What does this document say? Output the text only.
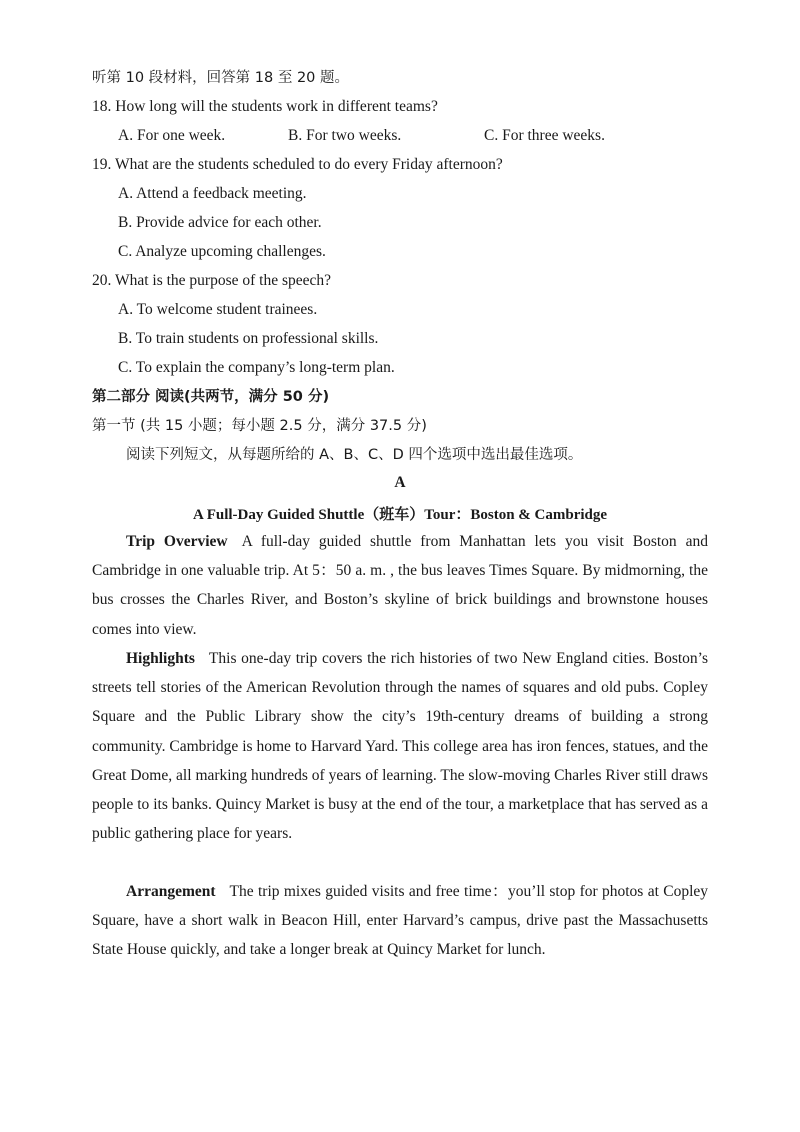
听第 10 段材料，回答第 18 至 20 题。
18. How long will the students work in different teams?
A. For one week.	B. For two weeks.	C. For three weeks.
19. What are the students scheduled to do every Friday afternoon?
A. Attend a feedback meeting.
B. Provide advice for each other.
C. Analyze upcoming challenges.
20. What is the purpose of the speech?
A. To welcome student trainees.
B. To train students on professional skills.
C. To explain the company’s long-term plan.
第二部分 阅读(共两节，满分 50 分)
第一节 (共 15 小题；每小题 2.5 分，满分 37.5 分)
阅读下列短文，从每题所给的 A、B、C、D 四个选项中选出最佳选项。
A
A Full-Day Guided Shuttle（班车）Tour：Boston & Cambridge
Trip Overview A full-day guided shuttle from Manhattan lets you visit Boston and Cambridge in one valuable trip. At 5：50 a. m. , the bus leaves Times Square. By midmorning, the bus crosses the Charles River, and Boston’s skyline of brick buildings and brownstone houses comes into view.
Highlights This one-day trip covers the rich histories of two New England cities. Boston’s streets tell stories of the American Revolution through the names of squares and old pubs. Copley Square and the Public Library show the city’s 19th-century dreams of building a strong community. Cambridge is home to Harvard Yard. This college area has iron fences, statues, and the Great Dome, all marking hundreds of years of learning. The slow-moving Charles River still draws people to its banks. Quincy Market is busy at the end of the tour, a marketplace that has served as a public gathering place for years.
Arrangement The trip mixes guided visits and free time：you’ll stop for photos at Copley Square, have a short walk in Beacon Hill, enter Harvard’s campus, drive past the Massachusetts State House quickly, and take a longer break at Quincy Market for lunch.
